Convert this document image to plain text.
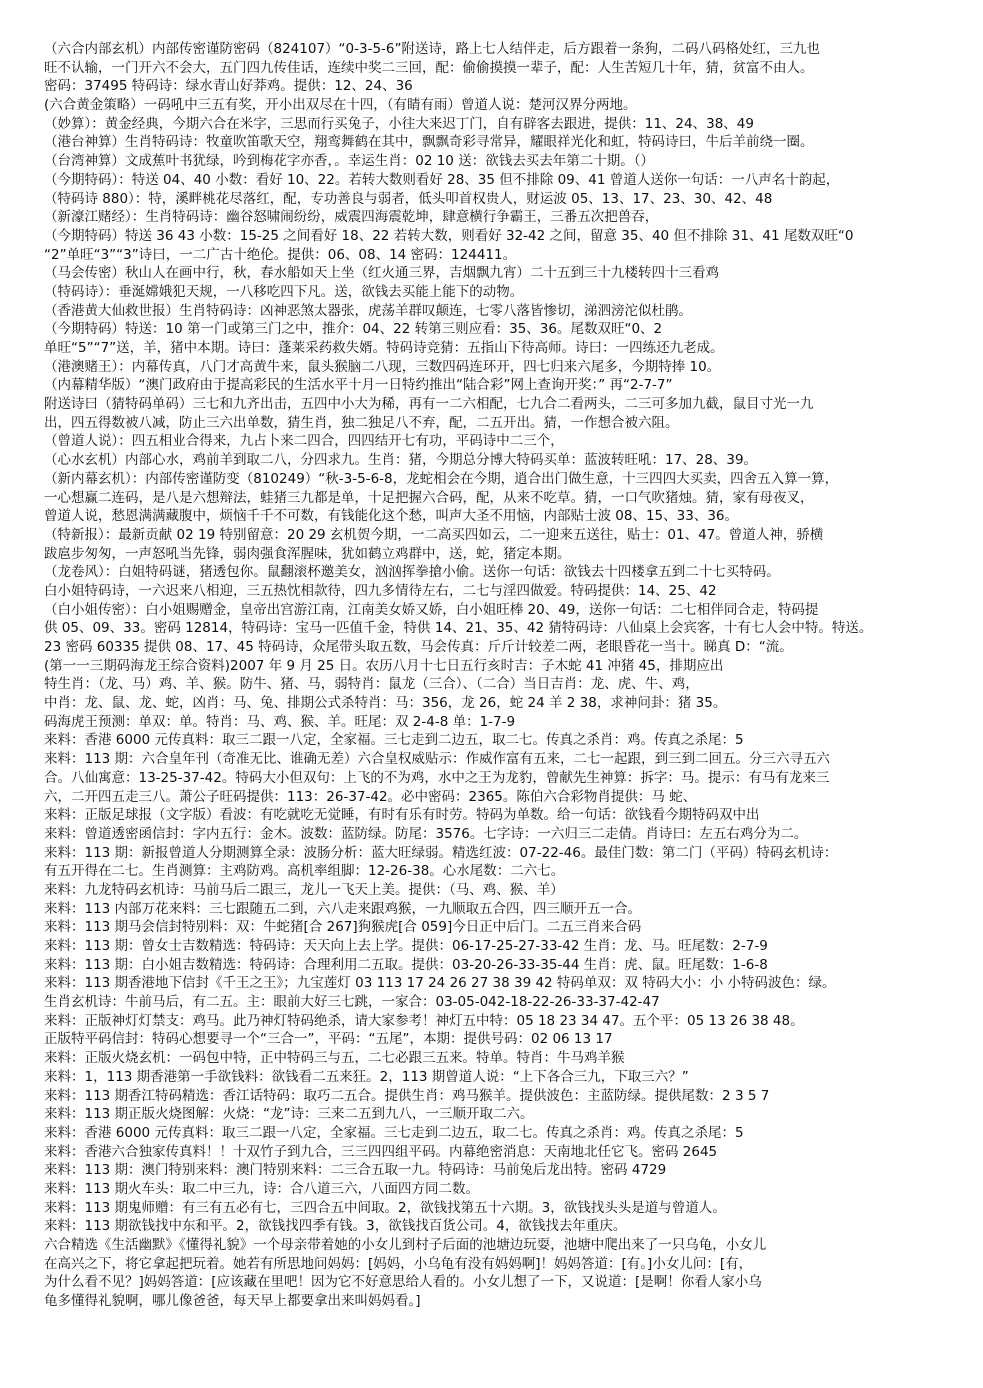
（六合内部玄机）内部传密谨防密码（824107）“0-3-5-6”附送诗，路上七人结伴走，后方跟着一条狗，二码八码格处红，三九也

旺不认输，一门开六不会大，五门四九传佳话，连续中奖二三回，配：偷偷摸摸一辈子，配：人生苦短几十年，猜，贫富不由人。

密码：37495 特码诗：绿水青山好莽鸡。提供：12、24、36

(六合黄金策略）一码吼中三五有奖，开小出双尽在十四，（有睛有雨）曾道人说：楚河汉界分两地。

（妙算）：黄金经典，今期六合在米字，三思而行买兔子，小往大来迟丁门，自有辟客去跟进，提供：11、24、38、49

（港台神算）生肖特码诗：牧童吹笛歌天空，翔鸾舞鹤在其中，飘飘奇彩寻常异，耀眼祥光化和虹，特码诗曰，牛后羊前绕一圈。

（台湾神算）文成蕉叶书犹绿，吟到梅花字亦香，。幸运生肖：02 10 送：欲钱去买去年第二十期。（）

（今期特码）：特送 04、40 小数：看好 10、22。若转大数则看好 28、35 但不排除 09、41 曾道人送你一句话：一八声名十韵起，

（特码诗 880）：特，溪畔桃花尽落红，配，专功善良与弱者，低头叩首权贵人，财运波 05、13、17、23、30、42、48

（新濠江赌经）：生肖特码诗：幽谷怒啸闹纷纷，威震四海震乾坤，肆意横行争霸王，三番五次把兽吞，

（今期特码）特送 36 43 小数：15-25 之间看好 18、22 若转大数，则看好 32-42 之间，留意 35、40 但不排除 31、41 尾数双旺“0

“2”单旺“3”“3”诗曰，一二广古十绝伦。提供：06、08、14 密码：124411。

（马会传密）秋山人在画中行，秋，春水船如天上坐（红火通三界，吉烟飘九宵）二十五到三十九楼转四十三看鸡

（特码诗）：垂涎嫦娥犯天规，一八移吃四下凡。送，欲钱去买能上能下的动物。

（香港黄大仙救世报）生肖特码诗：凶神恶煞太器张，虎荡羊群叹颠连，七零八落皆惨切，涕泗滂沱似杜鹃。

（今期特码）特送：10 第一门或第三门之中，推介：04、22 转第三则应看：35、36。尾数双旺“0、2

单旺“5”“7”送，羊，猪中本期。诗曰：蓬莱采药救失婿。特码诗竞猜：五指山下待高师。诗曰：一四练还九老成。

（港澳赌王）：内幕传真，八门才高黄牛来，鼠头猴脑二八现，三数四码连环开，四七归来六尾多，今期特捧 10。

（内幕精华版）“澳门政府由于提高彩民的生活水平十月一日特约推出“陆合彩”网上查询开奖：” 再“2-7-7”

附送诗曰（猜特码单码）三七和九齐出击，五四中小大为稀，再有一二六相配，七九合二看两头，二三可多加九截，鼠目寸光一九

出，四五得数被八减，防止三六出单数，猜生肖，独二独足八不弃，配，二五开出。猜，一作想合被六阻。

（曾道人说）：四五相业合得来，九占卜来二四合，四四结开七有功，平码诗中二三个，

（心水玄机）内部心水，鸡前羊到取二八，分四求九。生肖：猪，今期总分博大特码买单：蓝波转旺吼：17、28、39。

（新内幕玄机）：内部传密谨防变（810249）“秋-3-5-6-8，龙蛇相会在今期，逍合出门做生意，十三四四大买卖，四舍五入算一算，

一心想赢二连码，是八是六想辩法，蛙猪三九都是单，十足把握六合码，配，从来不吃草。猜，一口气吹猪烛。猜，家有母夜叉，

曾道人说，愁恩满满藏腹中，烦恼千千不可数，有钱能化这个愁，叫声大圣不用恼，内部贴士波 08、15、33、36。

（特新报）：最新贡献 02 19 特别留意：20 29 玄机贺今期，一二高买四如云，二一迎来五送往，贴士：01、47。曾道人神，骄横

跋扈步匆匆，一声怒吼当先锋，弱肉强食浑腥味，犹如鹤立鸡群中，送，蛇，猪定本期。

（龙卷风）：白姐特码谜，猪透包你。鼠翻滚杯邀美女，汹汹挥拳搶小偷。送你一句话：欲钱去十四楼拿五到二十七买特码。

白小姐特码诗，一六迟来八相迎，三五热忱相款待，四九多情待左右，二七与淫四做爱。特码提供：14、25、42

（白小姐传密）：白小姐赐赠金，皇帝出宫游江南，江南美女娇又娇，白小姐旺棒 20、49，送你一句话：二七相伴同合走，特码提

供 05、09、33。密码 12814，特码诗：宝马一匹值千金，特供 14、21、35、42 猜特码诗：八仙桌上会宾客，十有七人会中特。特送。

23 密码 60335 提供 08、17、45 特码诗，众尾带头取五数，马会传真：斤斤计较差二两，老眼昏花一当十。睇真 D：“流。

(第一一三期码海龙王综合资料)2007 年 9 月 25 日。农历八月十七日五行亥时吉：子木蛇 41 冲猪 45，排期应出

特生肖：（龙、马）鸡、羊、猴。防牛、猪、马，弱特肖：鼠龙（三合）、（二合）当日吉肖：龙、虎、牛、鸡，

中肖：龙、鼠、龙、蛇，凶肖：马、兔、排期公式杀特肖：马：356，龙 26，蛇 24 羊 2 38，求神问卦：猪 35。

码海虎王预测：单双：单。特肖：马、鸡、猴、羊。旺尾：双 2-4-8 单：1-7-9

来料：香港 6000 元传真料：取三二跟一八定，全家福。三七走到二边五，取二七。传真之杀肖：鸡。传真之杀尾：5

来料：113 期：六合皇年刊（奇准无比、谁确无差）六合皇权威贴示：作威作富有五来，二七一起跟，到三到二回五。分三六寻五六

合。八仙寓意：13-25-37-42。特码大小但双句：上飞的不为鸡，水中之王为龙豹，曾献先生神算：拆字：马。提示：有马有龙来三

六，二开四五走三八。萧公子旺码提供：113：26-37-42。必中密码：2365。陈伯六合彩物肖提供：马 蛇、

来料：正版足球报（文字版）看波：有吃就吃无觉睡，有时有乐有时劳。特码为单数。给一句话：欲钱看今期特码双中出

来料：曾道透密函信封：字内五行：金木。波数：蓝防绿。防尾：3576。七字诗：一六归三二走倩。肖诗曰：左五右鸡分为二。

来料：113 期：新报曾道人分期测算全录：波肠分析：蓝大旺绿弱。精选红波：07-22-46。最佳门数：第二门（平码）特码玄机诗：

有五开得在二七。生肖测算：主鸡防鸡。高机率组脚：12-26-38。心水尾数：二六七。

来料：九龙特码玄机诗：马前马后二跟三，龙儿一飞天上美。提供：（马、鸡、猴、羊）

来料：113 内部万花来料：三七跟随五二到，六八走来跟鸡猴，一九顺取五合四，四三顺开五一合。

来料：113 期马会信封特别料：双：牛蛇猪[合 267]狗猴虎[合 059]今日正中后门。二五三肖来合码

来料：113 期：曾女士吉数精选：特码诗：天天向上去上学。提供：06-17-25-27-33-42 生肖：龙、马。旺尾数：2-7-9

来料：113 期：白小姐吉数精选：特码诗：合理利用二五取。提供：03-20-26-33-35-44 生肖：虎、鼠。旺尾数：1-6-8

来料：113 期香港地下信封《千王之王》；九宝莲灯 03 113 17 24 26 27 38 39 42 特码单双：双 特码大小：小 小特码波色：绿。

生肖玄机诗：牛前马后，有二五。主：眼前大好三七跳，一家合：03-05-042-18-22-26-33-37-42-47

来料：正版神灯灯禁支：鸡马。此乃神灯特码绝杀，请大家参考！神灯五中特：05 18 23 34 47。五个平：05 13 26 38 48。

正版特平码信封：特码心想要寻一个“三合一”，平码：“五尾”，本期：提供号码：02 06 13 17

来料：正版火烧玄机：一码包中特，正中特码三与五，二七必跟三五来。特单。特肖：牛马鸡羊猴

来料：1，113 期香港第一手欲钱料：欲钱看二五来狂。2，113 期曾道人说：“上下各合三九，下取三六？”

来料：113 期香江特码精选：香江话特码：取巧二五合。提供生肖：鸡马猴羊。提供波色：主蓝防绿。提供尾数：2 3 5 7

来料：113 期正版火烧图解：火烧：“龙”诗：三来二五到九八，一三顺开取二六。

来料：香港 6000 元传真料：取三二跟一八定，全家福。三七走到二边五，取二七。传真之杀肖：鸡。传真之杀尾：5

来料：香港六合独家传真料！！十双竹子到九合，三三四四组平码。内幕绝密消息：天南地北任它飞。密码 2645

来料：113 期：澳门特别来料：澳门特别来料：二三合五取一九。特码诗：马前兔后龙出特。密码 4729

来料：113 期火车头：取二中三九，诗：合八道三六，八面四方同二数。

来料：113 期鬼师赠：有三有五必有七，三四合五中间取。2，欲钱找第五十六期。3，欲钱找头头是道与曾道人。

来料：113 期欲钱找中东和平。2，欲钱找四季有钱。3，欲钱找百货公司。4，欲钱找去年重庆。

六合精选《生活幽默》《懂得礼貌》一个母亲带着她的小女儿到村子后面的池塘边玩耍，池塘中爬出来了一只乌龟，小女儿

在高兴之下，将它拿起把玩着。她若有所思地问妈妈：[妈妈，小乌龟有没有妈妈啊]！妈妈答道：[有。]小女儿问：[有，

为什么看不见？]妈妈答道：[应该藏在里吧！因为它不好意思给人看的。小女儿想了一下，又说道：[是啊！你看人家小乌

龟多懂得礼貌啊，哪儿像爸爸，每天早上都要拿出来叫妈妈看。]
